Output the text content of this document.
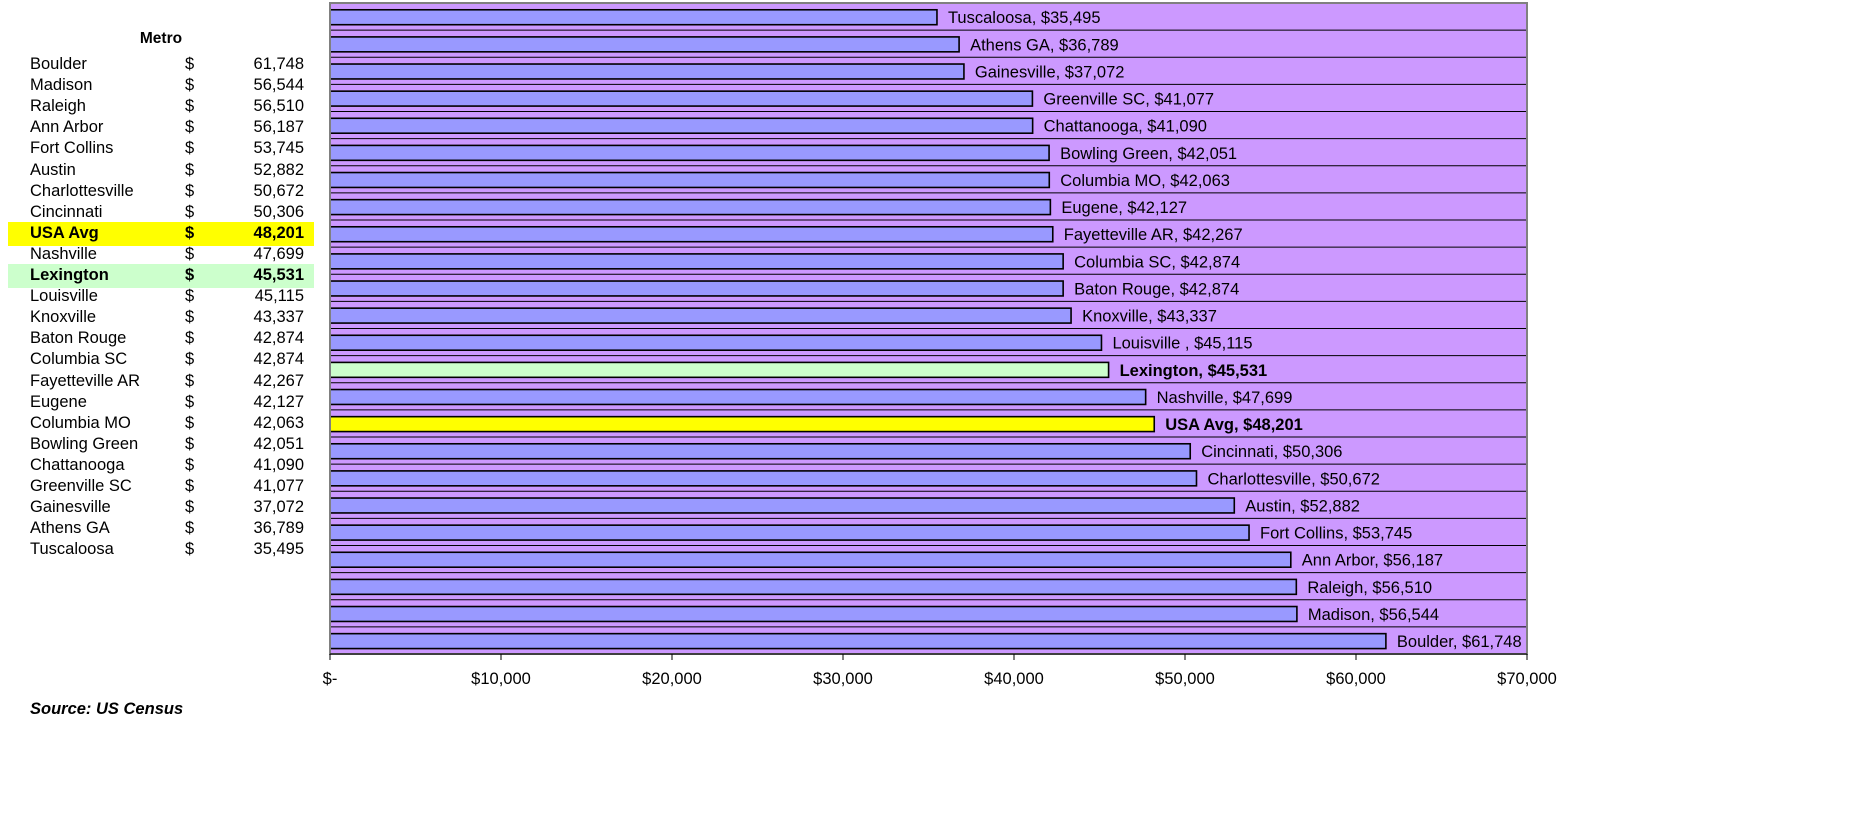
Metro
Boulder	$	61,748
Madison	$	56,544
Raleigh	$	56,510
Ann Arbor	$	56,187
Fort Collins	$	53,745
Austin	$	52,882
Charlottesville	$	50,672
Cincinnati	$	50,306
USA Avg	$	48,201
Nashville	$	47,699
Lexington	$	45,531
Louisville	$	45,115
Knoxville	$	43,337
Baton Rouge	$	42,874
Columbia SC	$	42,874
Fayetteville AR	$	42,267
Eugene	$	42,127
Columbia MO	$	42,063
Bowling Green	$	42,051
Chattanooga	$	41,090
Greenville SC	$	41,077
Gainesville	$	37,072
Athens GA	$	36,789
Tuscaloosa	$	35,495
Source: US Census
Tuscaloosa, $35,495
Athens GA, $36,789
Gainesville, $37,072
Greenville SC, $41,077
Chattanooga, $41,090
Bowling Green, $42,051
Columbia MO, $42,063
Eugene, $42,127
Fayetteville AR, $42,267
Columbia SC, $42,874
Baton Rouge, $42,874
Knoxville, $43,337
Louisville , $45,115
Lexington, $45,531
Nashville, $47,699
USA Avg, $48,201
Cincinnati, $50,306
Charlottesville, $50,672
Austin, $52,882
Fort Collins, $53,745
Ann Arbor, $56,187
Raleigh, $56,510
Madison, $56,544
Boulder, $61,748
$-	$10,000	$20,000	$30,000	$40,000	$50,000	$60,000	$70,000
